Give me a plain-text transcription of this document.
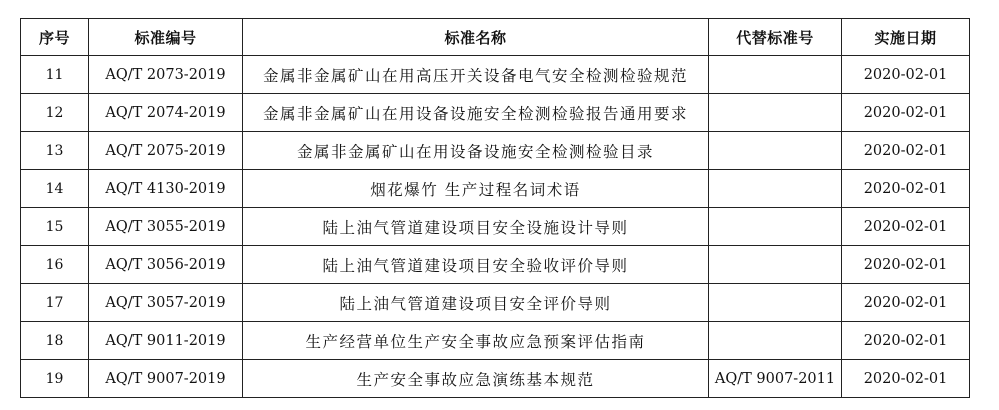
序号	标准编号	标准名称	代替标准号	实施日期
11	AQ/T 2073-2019	金属非金属矿山在用高压开关设备电气安全检测检验规范		2020-02-01
12	AQ/T 2074-2019	金属非金属矿山在用设备设施安全检测检验报告通用要求		2020-02-01
13	AQ/T 2075-2019	金属非金属矿山在用设备设施安全检测检验目录		2020-02-01
14	AQ/T 4130-2019	烟花爆竹 生产过程名词术语		2020-02-01
15	AQ/T 3055-2019	陆上油气管道建设项目安全设施设计导则		2020-02-01
16	AQ/T 3056-2019	陆上油气管道建设项目安全验收评价导则		2020-02-01
17	AQ/T 3057-2019	陆上油气管道建设项目安全评价导则		2020-02-01
18	AQ/T 9011-2019	生产经营单位生产安全事故应急预案评估指南		2020-02-01
19	AQ/T 9007-2019	生产安全事故应急演练基本规范	AQ/T 9007-2011	2020-02-01
